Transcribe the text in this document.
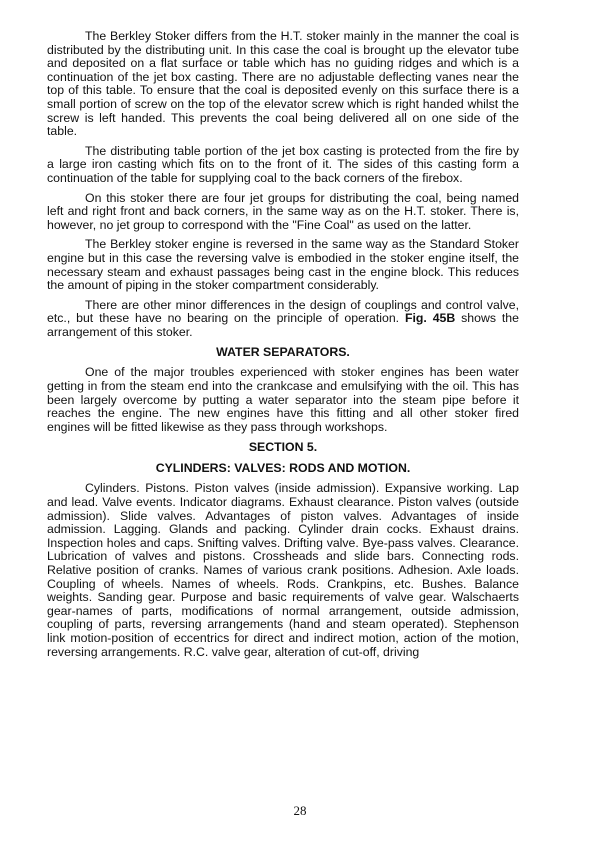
The Berkley Stoker differs from the H.T. stoker mainly in the manner the coal is distributed by the distributing unit. In this case the coal is brought up the elevator tube and deposited on a flat surface or table which has no guiding ridges and which is a continuation of the jet box casting. There are no adjustable deflecting vanes near the top of this table. To ensure that the coal is deposited evenly on this surface there is a small portion of screw on the top of the elevator screw which is right handed whilst the screw is left handed. This prevents the coal being delivered all on one side of the table.

The distributing table portion of the jet box casting is protected from the fire by a large iron casting which fits on to the front of it. The sides of this casting form a continuation of the table for supplying coal to the back corners of the firebox.

On this stoker there are four jet groups for distributing the coal, being named left and right front and back corners, in the same way as on the H.T. stoker. There is, however, no jet group to correspond with the "Fine Coal" as used on the latter.

The Berkley stoker engine is reversed in the same way as the Standard Stoker engine but in this case the reversing valve is embodied in the stoker engine itself, the necessary steam and exhaust passages being cast in the engine block. This reduces the amount of piping in the stoker compartment considerably.

There are other minor differences in the design of couplings and control valve, etc., but these have no bearing on the principle of operation. Fig. 45B shows the arrangement of this stoker.

WATER SEPARATORS.

One of the major troubles experienced with stoker engines has been water getting in from the steam end into the crankcase and emulsifying with the oil. This has been largely overcome by putting a water separator into the steam pipe before it reaches the engine. The new engines have this fitting and all other stoker fired engines will be fitted likewise as they pass through workshops.

SECTION 5.
CYLINDERS: VALVES: RODS AND MOTION.

Cylinders. Pistons. Piston valves (inside admission). Expansive working. Lap and lead. Valve events. Indicator diagrams. Exhaust clearance. Piston valves (outside admission). Slide valves. Advantages of piston valves. Advantages of inside admission. Lagging. Glands and packing. Cylinder drain cocks. Exhaust drains. Inspection holes and caps. Snifting valves. Drifting valve. Bye-pass valves. Clearance. Lubrication of valves and pistons. Crossheads and slide bars. Connecting rods. Relative position of cranks. Names of various crank positions. Adhesion. Axle loads. Coupling of wheels. Names of wheels. Rods. Crankpins, etc. Bushes. Balance weights. Sanding gear. Purpose and basic requirements of valve gear. Walschaerts gear-names of parts, modifications of normal arrangement, outside admission, coupling of parts, reversing arrangements (hand and steam operated). Stephenson link motion-position of eccentrics for direct and indirect motion, action of the motion, reversing arrangements. R.C. valve gear, alteration of cut-off, driving

28
